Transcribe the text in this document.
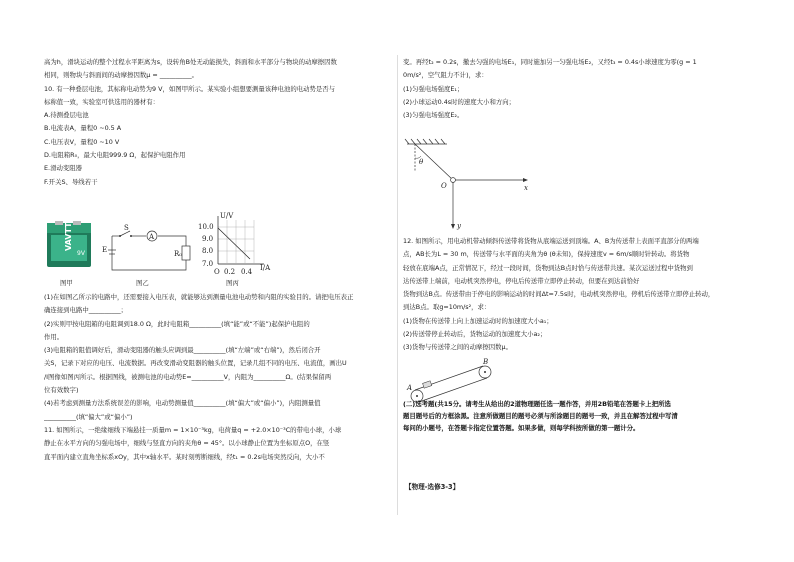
高为h，滑块运动的整个过程水平距离为s，设转角B处无动能损失，斜面和水平部分与物块的动摩擦因数
相同，则物块与斜面间的动摩擦因数μ = __________。
10. 有一种叠层电池，其标称电动势为9 V，如图甲所示。某实验小组想要测量该种电池的电动势是否与
标称值一致，实验室可供选用的器材有：
A.待测叠层电池
B.电流表A，量程0 ~0.5 A
C.电压表V，量程0 ~10 V
D.电阻箱R₀，最大电阻999.9 Ω，起保护电阻作用
E.滑动变阻器
F.开关S、导线若干
VAVTT
9V
图甲
E
S
A
R₀
图乙
U/V
I/A
10.0
9.0
8.0
7.0
O 0.2 0.4
图丙
(1)在如图乙所示的电路中，还需要接入电压表，就能够达到测量电池电动势和内阻的实验目的。请把电压表正
确连接到电路中__________；
(2)实则甲按电阻箱的电阻调到18.0 Ω，此时电阻箱__________(填“能”或“不能”)起保护电阻的
作用。
(3)电阻箱的阻值调好后，滑动变阻器的触头应调到最__________(填“左端”或“右端”)，然后闭合开
关S，记录下对应的电压、电流数据。再改变滑动变阻器的触头位置，记录几组不同的电压、电流值，画出U
/I图像如图丙所示。根据图线，被测电池的电动势E=__________V，内阻为__________Ω。(结果保留两
位有效数字)
(4)若考虑到测量方法系统误差的影响，电动势测量值__________(填“偏大”或“偏小”)，内阻测量值
__________(填“偏大”或“偏小”)
11. 如图所示，一绝缘细线下端悬挂一质量m = 1×10⁻³kg，电荷量q = +2.0×10⁻³C的带电小球，小球
静止在水平方向的匀强电场中，细线与竖直方向的夹角θ = 45°。以小球静止位置为坐标原点O，在竖
直平面内建立直角坐标系xOy，其中x轴水平。某时刻剪断细线，经t₁ = 0.2s电场突然反向，大小不
变。再经t₂ = 0.2s，撤去匀强的电场E₁，同时施加另一匀强电场E₂，又经t₃ = 0.4s小球速度为零(g = 1
0m/s²，空气阻力不计)，求：
(1)匀强电场强度E₁；
(2)小球运动0.4s时的速度大小和方向；
(3)匀强电场强度E₂。
θ
O	x
y
12. 如图所示，用电动机带动倾斜传送带将货物从底端运送到顶端。A、B为传送带上表面平直部分的两端
点，AB长为L = 30 m，传送带与水平面的夹角为θ (θ未知)，保持速度v = 6m/s顺时针转动。将货物
轻放在底端A点，正常情况下，经过一段时间，货物到达B点时恰与传送带共速。某次运送过程中货物到
达传送带上端前，电动机突然停电，停电后传送带立即停止转动，但要在到达前恰好
货物到达B点。传送带由于停电的影响运动的时间Δt=7.5s时，电动机突然停电，停机后传送带立即停止转动，
到达B点。取g=10m/s²，求：
(1)货物在传送带上向上加速运动时的加速度大小a₁；
(2)传送带停止转动后，货物运动的加速度大小a₂；
(3)货物与传送带之间的动摩擦因数μ。
A
B
(二)选考题(共15分。请考生从给出的2道物理题任选一题作答，并用2B铅笔在答题卡上把所选
题目题号后的方框涂黑。注意所做题目的题号必须与所涂题目的题号一致，并且在解答过程中写清
每问的小题号，在答题卡指定位置答题。如果多做，则每学科按所做的第一题计分。
【物理-选修3-3】
